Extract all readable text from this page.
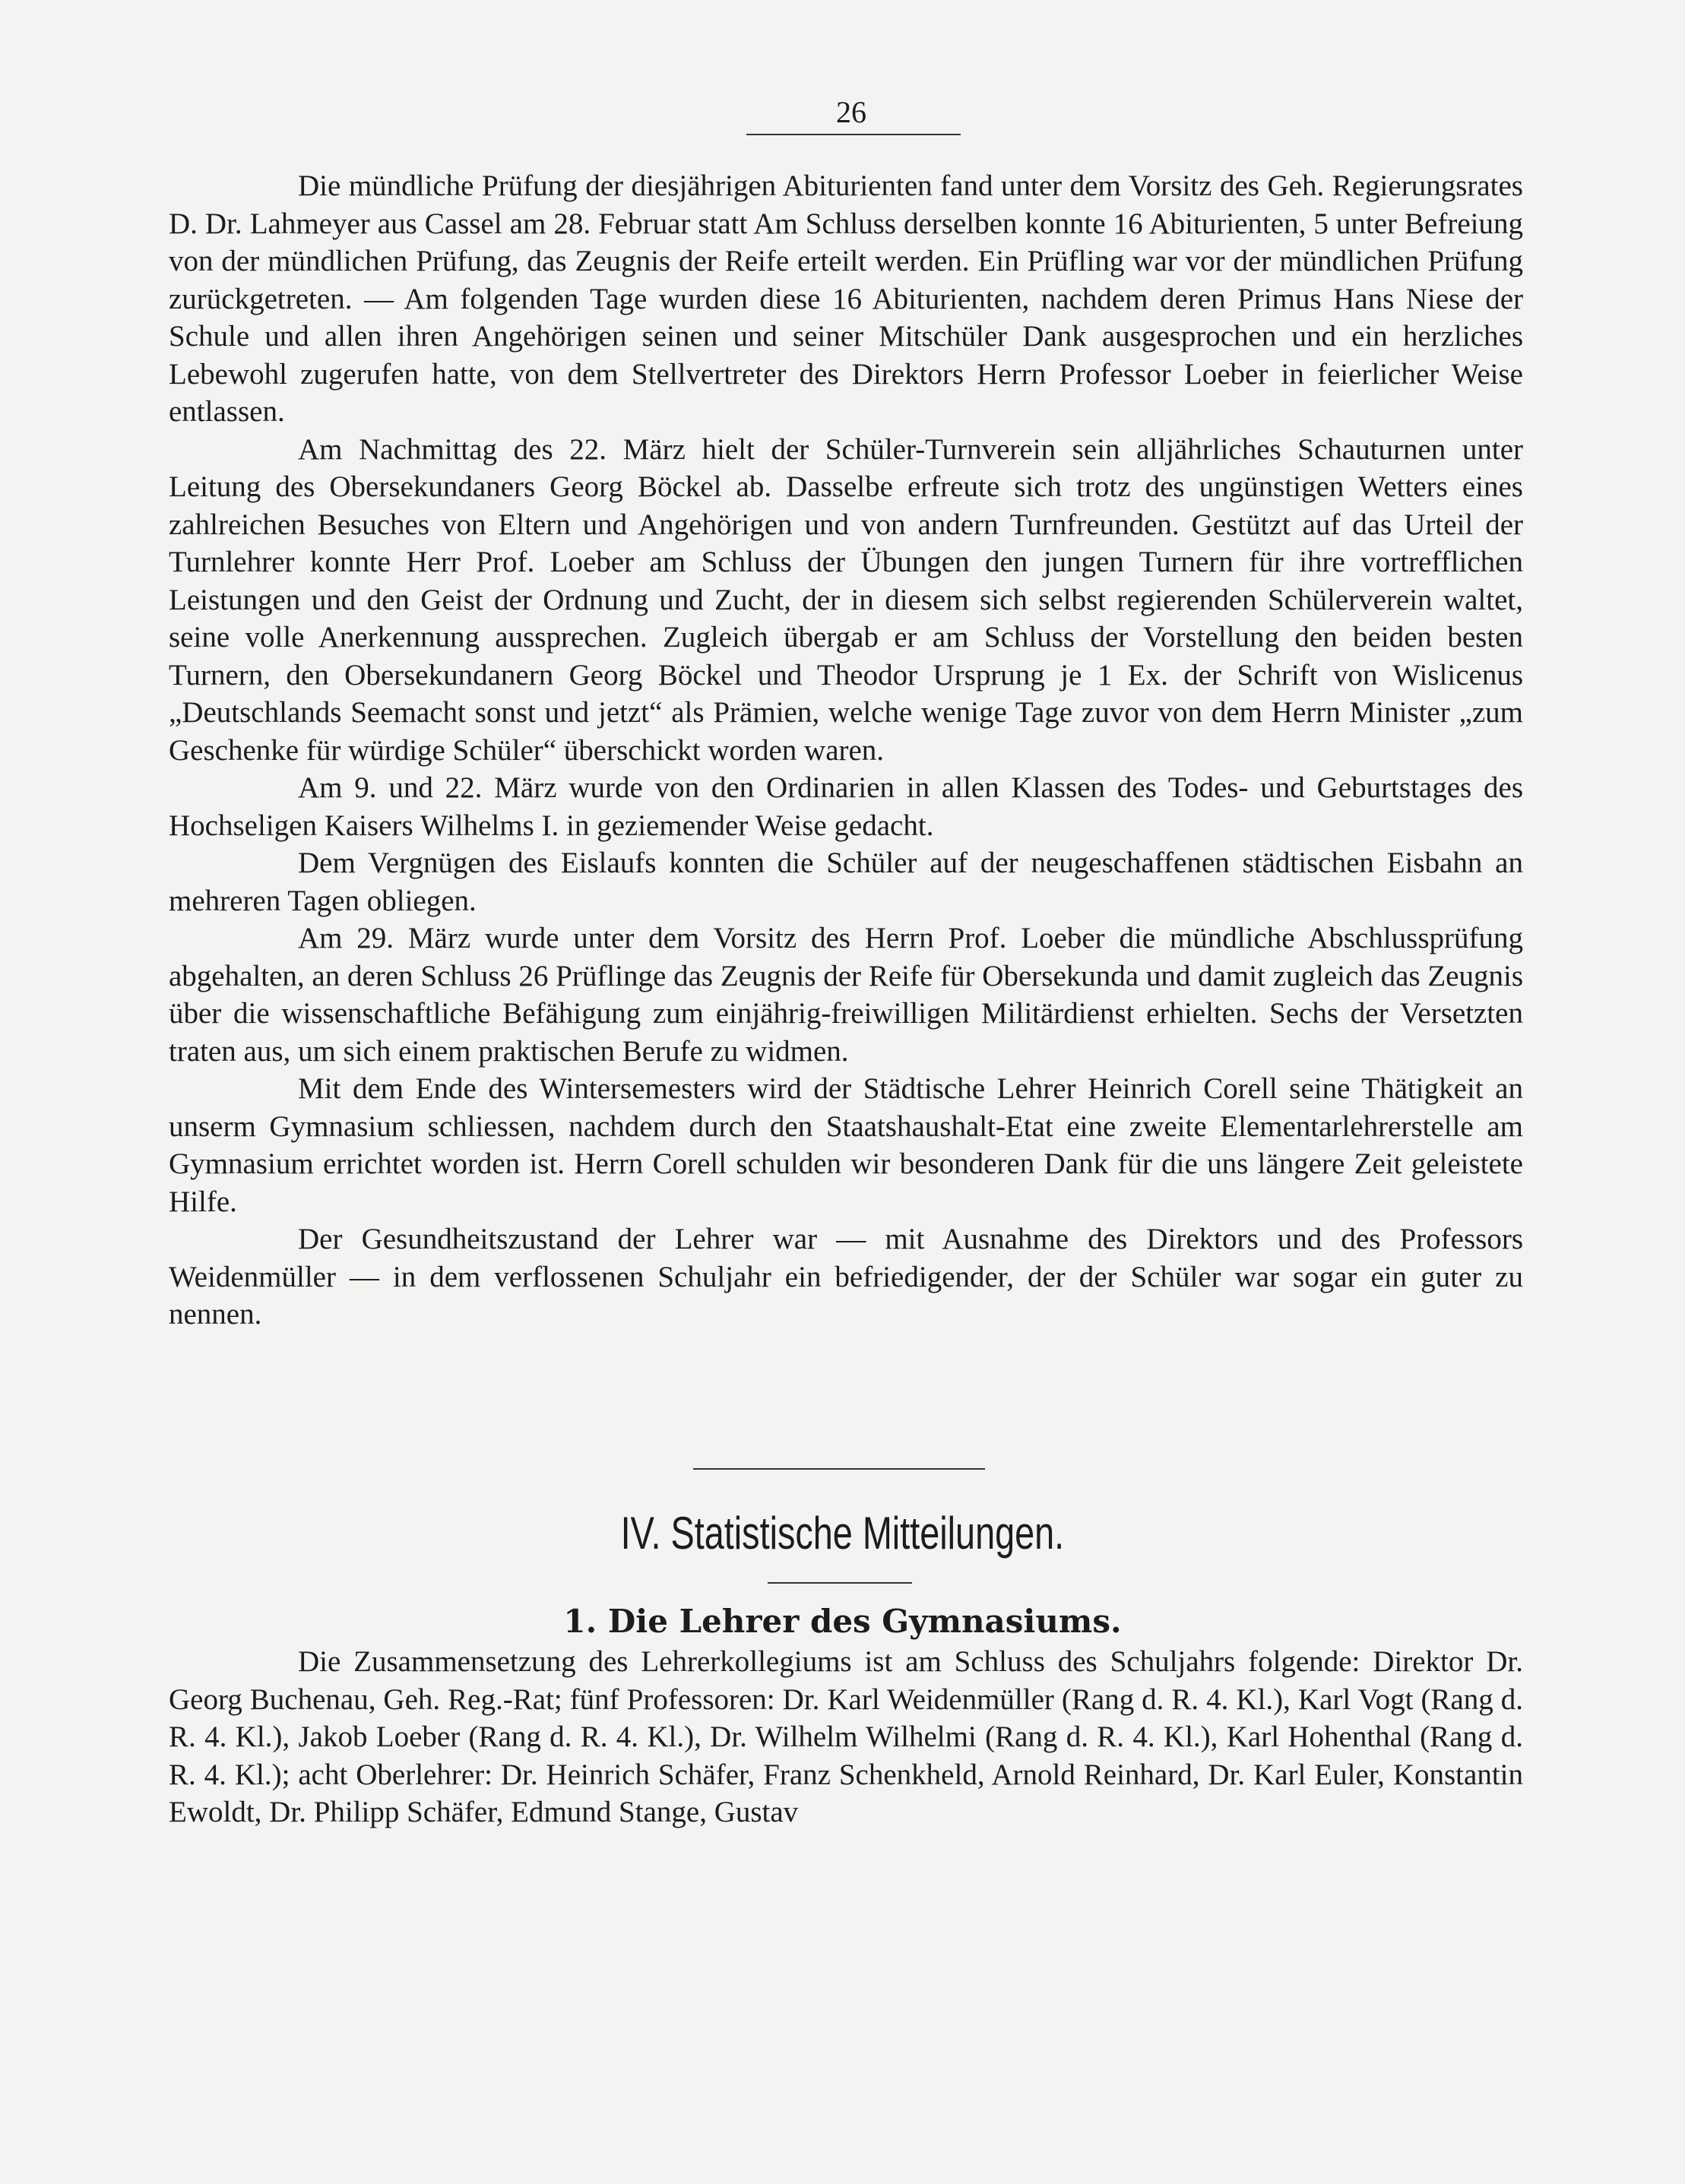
26

Die mündliche Prüfung der diesjährigen Abiturienten fand unter dem Vorsitz des Geh. Regierungsrates D. Dr. Lahmeyer aus Cassel am 28. Februar statt Am Schluss derselben konnte 16 Abiturienten, 5 unter Befreiung von der mündlichen Prüfung, das Zeugnis der Reife erteilt werden. Ein Prüfling war vor der mündlichen Prüfung zurückgetreten. — Am folgenden Tage wurden diese 16 Abiturienten, nachdem deren Primus Hans Niese der Schule und allen ihren Angehörigen seinen und seiner Mitschüler Dank ausgesprochen und ein herzliches Lebewohl zugerufen hatte, von dem Stellvertreter des Direktors Herrn Professor Loeber in feierlicher Weise entlassen.

Am Nachmittag des 22. März hielt der Schüler-Turnverein sein alljährliches Schauturnen unter Leitung des Obersekundaners Georg Böckel ab. Dasselbe erfreute sich trotz des ungünstigen Wetters eines zahlreichen Besuches von Eltern und Angehörigen und von andern Turnfreunden. Gestützt auf das Urteil der Turnlehrer konnte Herr Prof. Loeber am Schluss der Übungen den jungen Turnern für ihre vortrefflichen Leistungen und den Geist der Ordnung und Zucht, der in diesem sich selbst regierenden Schülerverein waltet, seine volle Anerkennung aussprechen. Zugleich übergab er am Schluss der Vorstellung den beiden besten Turnern, den Obersekundanern Georg Böckel und Theodor Ursprung je 1 Ex. der Schrift von Wislicenus „Deutschlands Seemacht sonst und jetzt“ als Prämien, welche wenige Tage zuvor von dem Herrn Minister „zum Geschenke für würdige Schüler“ überschickt worden waren.

Am 9. und 22. März wurde von den Ordinarien in allen Klassen des Todes- und Geburtstages des Hochseligen Kaisers Wilhelms I. in geziemender Weise gedacht.

Dem Vergnügen des Eislaufs konnten die Schüler auf der neugeschaffenen städtischen Eisbahn an mehreren Tagen obliegen.

Am 29. März wurde unter dem Vorsitz des Herrn Prof. Loeber die mündliche Abschlussprüfung abgehalten, an deren Schluss 26 Prüflinge das Zeugnis der Reife für Obersekunda und damit zugleich das Zeugnis über die wissenschaftliche Befähigung zum einjährig-freiwilligen Militärdienst erhielten. Sechs der Versetzten traten aus, um sich einem praktischen Berufe zu widmen.

Mit dem Ende des Wintersemesters wird der Städtische Lehrer Heinrich Corell seine Thätigkeit an unserm Gymnasium schliessen, nachdem durch den Staatshaushalt-Etat eine zweite Elementarlehrerstelle am Gymnasium errichtet worden ist. Herrn Corell schulden wir besonderen Dank für die uns längere Zeit geleistete Hilfe.

Der Gesundheitszustand der Lehrer war — mit Ausnahme des Direktors und des Professors Weidenmüller — in dem verflossenen Schuljahr ein befriedigender, der der Schüler war sogar ein guter zu nennen.

IV. Statistische Mitteilungen.
1. Die Lehrer des Gymnasiums.

Die Zusammensetzung des Lehrerkollegiums ist am Schluss des Schuljahrs folgende: Direktor Dr. Georg Buchenau, Geh. Reg.-Rat; fünf Professoren: Dr. Karl Weidenmüller (Rang d. R. 4. Kl.), Karl Vogt (Rang d. R. 4. Kl.), Jakob Loeber (Rang d. R. 4. Kl.), Dr. Wilhelm Wilhelmi (Rang d. R. 4. Kl.), Karl Hohenthal (Rang d. R. 4. Kl.); acht Oberlehrer: Dr. Heinrich Schäfer, Franz Schenkheld, Arnold Reinhard, Dr. Karl Euler, Konstantin Ewoldt, Dr. Philipp Schäfer, Edmund Stange, Gustav
